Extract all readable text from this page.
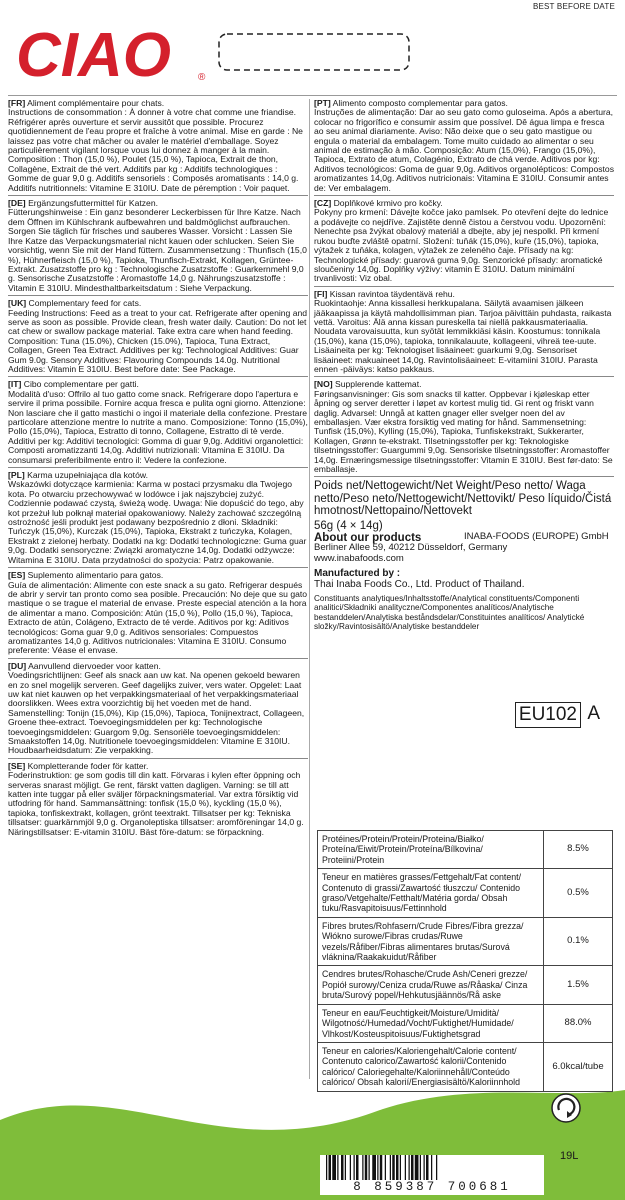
BEST BEFORE DATE
CIAO	®

[FR] Aliment complémentaire pour chats.

Instructions de consommation : À donner à votre chat comme une friandise. Réfrigérer après ouverture et servir aussitôt que possible. Procurez quotidiennement de l'eau propre et fraîche à votre animal. Mise en garde : Ne laissez pas votre chat mâcher ou avaler le matériel d'emballage. Soyez particulièrement vigilant lorsque vous lui donnez à manger à la main. Composition : Thon (15,0 %), Poulet (15,0 %), Tapioca, Extrait de thon, Collagène, Extrait de thé vert. Additifs par kg : Additifs technologiques : Gomme de guar 9,0 g. Additifs sensoriels : Composés aromatisants : 14,0 g. Additifs nutritionnels: Vitamine E 310IU. Date de péremption : Voir paquet.

[DE] Ergänzungsfuttermittel für Katzen.

Fütterungshinweise : Ein ganz besonderer Leckerbissen für Ihre Katze. Nach dem Öffnen im Kühlschrank aufbewahren und baldmöglichst aufbrauchen. Sorgen Sie täglich für frisches und sauberes Wasser. Vorsicht : Lassen Sie Ihre Katze das Verpackungsmaterial nicht kauen oder schlucken. Seien Sie vorsichtig, wenn Sie mit der Hand füttern. Zusammensetzung : Thunfisch (15,0 %), Hühnerfleisch (15,0 %), Tapioka, Thunfisch-Extrakt, Kollagen, Grüntee-Extrakt. Zusatzstoffe pro kg : Technologische Zusatzstoffe : Guarkernmehl 9,0 g. Sensorische Zusatzstoffe : Aromastoffe 14,0 g. Nährungszusatzstoffe : Vitamin E 310IU. Mindesthaltbarkeitsdatum : Siehe Verpackung.

[UK] Complementary feed for cats.

Feeding Instructions: Feed as a treat to your cat. Refrigerate after opening and serve as soon as possible. Provide clean, fresh water daily. Caution: Do not let cat chew or swallow package material. Take extra care when hand feeding. Composition: Tuna (15.0%), Chicken (15.0%), Tapioca, Tuna Extract, Collagen, Green Tea Extract. Additives per kg: Technological Additives: Guar Gum 9.0g. Sensory Additives: Flavouring Compounds 14.0g. Nutritional Additives: Vitamin E 310IU. Best before date: See Package.

[IT] Cibo complementare per gatti.

Modalità d'uso: Offrilo al tuo gatto come snack. Refrigerare dopo l'apertura e servire il prima possibile. Fornire acqua fresca e pulita ogni giorno. Attenzione: Non lasciare che il gatto mastichi o ingoi il materiale della confezione. Prestare particolare attenzione mentre lo nutrite a mano. Composizione: Tonno (15,0%), Pollo (15,0%), Tapioca, Estratto di tonno, Collagene, Estratto di tè verde. Additivi per kg: Additivi tecnologici: Gomma di guar 9,0g. Additivi organolettici: Composti aromatizzanti 14,0g. Additivi nutrizionali: Vitamina E 310IU. Da consumarsi preferibilmente entro il: Vedere la confezione.

[PL] Karma uzupełniająca dla kotów.

Wskazówki dotyczące karmienia: Karma w postaci przysmaku dla Twojego kota. Po otwarciu przechowywać w lodówce i jak najszybciej zużyć. Codziennie podawać czystą, świeżą wodę. Uwaga: Nie dopuścić do tego, aby kot przeżuł lub połknął materiał opakowaniowy. Należy zachować szczególną ostrożność jeśli produkt jest podawany bezpośrednio z dłoni. Składniki: Tuńczyk (15,0%), Kurczak (15,0%), Tapioka, Ekstrakt z tuńczyka, Kolagen, Ekstrakt z zielonej herbaty. Dodatki na kg: Dodatki technologiczne: Guma guar 9,0g. Dodatki sensoryczne: Związki aromatyczne 14,0g. Dodatki odżywcze: Witamina E 310IU. Data przydatności do spożycia: Patrz opakowanie.

[ES] Suplemento alimentario para gatos.

Guía de alimentación: Alimente con este snack a su gato. Refrigerar después de abrir y servir tan pronto como sea posible. Precaución: No deje que su gato mastique o se trague el material de envase. Preste especial atención a la hora de alimentar a mano. Composición: Atún (15,0 %), Pollo (15,0 %), Tapioca, Extracto de atún, Colágeno, Extracto de té verde. Aditivos por kg: Aditivos tecnológicos: Goma guar 9,0 g. Aditivos sensoriales: Compuestos aromatizantes 14,0 g. Aditivos nutricionales: Vitamina E 310IU. Consumo preferente: Véase el envase.

[DU] Aanvullend diervoeder voor katten.

Voedingsrichtlijnen: Geef als snack aan uw kat. Na openen gekoeld bewaren en zo snel mogelijk serveren. Geef dagelijks zuiver, vers water. Opgelet: Laat uw kat niet kauwen op het verpakkingsmateriaal of het verpakkingsmateriaal doorslikken. Wees extra voorzichtig bij het voeden met de hand. Samenstelling: Tonijn (15,0%), Kip (15,0%), Tapioca, Tonijnextract, Collageen, Groene thee-extract. Toevoegingsmiddelen per kg: Technologische toevoegingsmiddelen: Guargom 9,0g. Sensoriële toevoegingsmiddelen: Smaakstoffen 14,0g. Nutritionele toevoegingsmiddelen: Vitamine E 310IU. Houdbaarheidsdatum: Zie verpakking.

[SE] Kompletterande foder för katter.

Foderinstruktion: ge som godis till din katt. Förvaras i kylen efter öppning och serveras snarast möjligt. Ge rent, färskt vatten dagligen. Varning: se till att katten inte tuggar på eller sväljer förpackningsmaterial. Var extra försiktig vid utfodring för hand. Sammansättning: tonfisk (15,0 %), kyckling (15,0 %), tapioka, tonfiskextrakt, kollagen, grönt teextrakt. Tillsatser per kg: Tekniska tillsatser: guarkärnmjöl 9,0 g. Organoleptiska tillsatser: aromföreningar 14,0 g. Näringstillsatser: E-vitamin 310IU. Bäst före-datum: se förpackning.

[PT] Alimento composto complementar para gatos.

Instruções de alimentação: Dar ao seu gato como guloseima. Após a abertura, colocar no frigorífico e consumir assim que possível. Dê água limpa e fresca ao seu animal diariamente. Aviso: Não deixe que o seu gato mastigue ou engula o material da embalagem. Tome muito cuidado ao alimentar o seu animal de estimação à mão. Composição: Atum (15,0%), Frango (15,0%), Tapioca, Extrato de atum, Colagénio, Extrato de chá verde. Aditivos por kg: Aditivos tecnológicos: Goma de guar 9,0g. Aditivos organolépticos: Compostos aromatizantes 14,0g. Aditivos nutricionais: Vitamina E 310IU. Consumir antes de: Ver embalagem.

[CZ] Doplňkové krmivo pro kočky.

Pokyny pro krmení: Dávejte kočce jako pamlsek. Po otevření dejte do lednice a podávejte co nejdříve. Zajistěte denně čistou a čerstvou vodu. Upozornění: Nenechte psa žvýkat obalový materiál a dbejte, aby jej nespolkl. Při krmení rukou buďte zvláště opatrní. Složení: tuňák (15,0%), kuře (15,0%), tapioka, výtažek z tuňáka, kolagen, výtažek ze zeleného čaje. Přísady na kg: Technologické přísady: guarová guma 9,0g. Senzorické přísady: aromatické sloučeniny 14,0g. Doplňky výživy: vitamin E 310IU. Datum minimální trvanlivosti: Viz obal.

[FI] Kissan ravintoa täydentävä rehu.

Ruokintaohje: Anna kissallesi herkkupalana. Säilytä avaamisen jälkeen jääkaapissa ja käytä mahdollisimman pian. Tarjoa päivittäin puhdasta, raikasta vettä. Varoitus: Älä anna kissan pureskella tai niellä pakkausmateriaalia. Noudata varovaisuutta, kun syötät lemmikkiäsi käsin. Koostumus: tonnikala (15,0%), kana (15,0%), tapioka, tonnikalauute, kollageeni, vihreä tee-uute. Lisäaineita per kg: Teknologiset lisäaineet: guarkumi 9,0g. Sensoriset lisäaineet: makuaineet 14,0g. Ravintolisäaineet: E-vitamiini 310IU. Parasta ennen -päiväys: katso pakkaus.

[NO] Supplerende kattemat.

Føringsanvisninger: Gis som snacks til katter. Oppbevar i kjøleskap etter åpning og server deretter i løpet av kortest mulig tid. Gi rent og friskt vann daglig. Advarsel: Unngå at katten gnager eller svelger noen del av emballasjen. Vær ekstra forsiktig ved mating for hånd. Sammensetning: Tunfisk (15,0%), Kylling (15,0%), Tapioka, Tunfiskekstrakt, Sukkerarter, Kollagen, Grønn te-ekstrakt. Tilsetningsstoffer per kg: Teknologiske tilsetningsstoffer: Guargummi 9,0g. Sensoriske tilsetningsstoffer: Aromastoffer 14,0g. Ernæringsmessige tilsetningsstoffer: Vitamin E 310IU. Best før-dato: Se emballasje.

Poids net/Nettogewicht/Net Weight/Peso netto/ Waga netto/Peso neto/Nettogewicht/Nettovikt/ Peso líquido/Čistá hmotnost/Nettopaino/Nettovekt
56g (4 × 14g)
About our products	INABA-FOODS (EUROPE) GmbH
Berliner Allee 59, 40212 Düsseldorf, Germany
www.inabafoods.com
Manufactured by :
Thai Inaba Foods Co., Ltd. Product of Thailand.
Constituants analytiques/Inhaltsstoffe/Analytical constituents/Componenti analitici/Składniki analityczne/Componentes analíticos/Analytische bestanddelen/Analytiska beståndsdelar/Constituintes analíticos/ Analytické složky/Ravintosisältö/Analytiske bestanddeler
EU102 A
Protéines/Protein/Protein/Proteina/Białko/ Proteína/Eiwit/Protein/Proteína/Bílkovina/ Proteiini/Protein	8.5%
Teneur en matières grasses/Fettgehalt/Fat content/ Contenuto di grassi/Zawartość tłuszczu/ Contenido graso/Vetgehalte/Fetthalt/Matéria gorda/ Obsah tuku/Rasvapitoisuus/Fettinnhold	0.5%
Fibres brutes/Rohfasern/Crude Fibres/Fibra grezza/ Włókno surowe/Fibras crudas/Ruwe vezels/Råfiber/Fibras alimentares brutas/Surová vláknina/Raakakuidut/Råfiber	0.1%
Cendres brutes/Rohasche/Crude Ash/Ceneri grezze/ Popiół surowy/Ceniza cruda/Ruwe as/Råaska/ Cinza bruta/Surový popel/Hehkutusjäännös/Rå aske	1.5%
Teneur en eau/Feuchtigkeit/Moisture/Umidità/ Wilgotność/Humedad/Vocht/Fuktighet/Humidade/ Vlhkost/Kosteuspitoisuus/Fuktighetsgrad	88.0%
Teneur en calories/Kaloriengehalt/Calorie content/ Contenuto calorico/Zawartość kalorii/Contenido calórico/ Caloriegehalte/Kaloriinnehåll/Conteúdo calórico/ Obsah kalorií/Energiasisältö/Kaloriinnhold	6.0kcal/tube
19L
8 859387 700681
